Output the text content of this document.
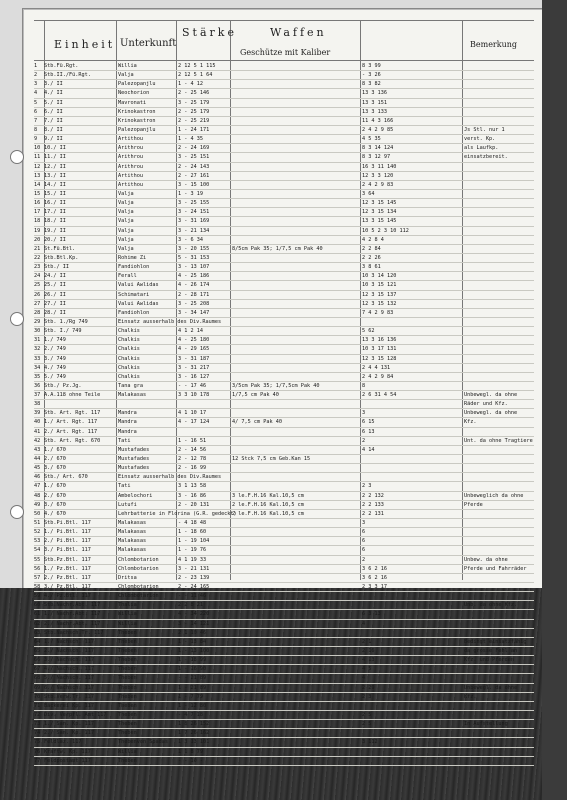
Einheit Unterkunft
Stärke	Waffen
Geschütze mit Kaliber
Bemerkung
1	Stb.Fü.Rgt.	Willia	2 12 5 1 115	8 3 99
2	Stb.II./Fü.Rgt.	Valja	2 12 5 1 64	- 3 26
3	3./ II	Palezopanjlu	1 - 4 12	8 3 82
4	4./ II	Neochorion	2 - 25 146	13 3 136
5	5./ II	Mavronati	3 - 25 179	13 3 151
6	6./ II	Krinokastron	2 - 25 179	13 3 133
7	7./ II	Krinokastron	2 - 25 219	11 4 3 166
8	8./ II	Palezopanjlu	1 - 24 171	2 4 2 9 85	Js Stl. nur 1
9	9./ II	Artithou	1 - 4 35	4 5 35	verst. Kp.
10 10./ II	Arithrou	2 - 24 169	8 3 14 124	als Laufkp.
11 11./ II	Arithrou	3 - 25 151	8 3 12 97	einsatzbereit.
12 12./ II	Arithrou	2 - 24 143	16 3 11 140
13 13./ II	Artithou	2 - 27 161	12 3 3 120
14 14./ II	Artithou	3 - 15 100	2 4 2 9 83
15 15./ II	Valja	1 - 3 19	3 64
16 16./ II	Valja	3 - 25 155	12 3 15 145
17 17./ II	Valja	3 - 24 151	12 3 15 134
18 18./ II	Valja	3 - 31 169	13 3 15 145
19 19./ II	Valja	3 - 21 134	10 5 2 3 10 112
20 20./ II	Valja	3 - 6 34	4 2 8 4
21 St.Fü.Btl.	Valja	3 - 20 155	8/5cm Pak 35; 1/7,5 cm Pak 40	2 2 84
22 Stb.Btl.Kp.	Rohime Zi	5 - 31 153	2 2 26
23 Stb./ II	Fandiohlon	3 - 13 107	3 8 61
24 24./ II	Ferall	4 - 25 186	10 3 14 120
25 25./ II	Valui Awlidas	4 - 26 174	10 3 15 121
26 26./ II	Schimatari	2 - 28 171	12 3 15 137
27 27./ II	Valui Awlidas	3 - 25 208	12 3 15 132
28 28./ II	Fandiohlon	3 - 34 147	7 4 2 9 83
29 Stb. 1./Rg 749	Einsatz ausserhalb des Div.Raumes
30 Stb. I./ 749	Chalkis	4 1 2 14	5 62
31 1./ 749	Chalkis	4 - 25 180	13 3 16 136
32 2./ 749	Chalkis	4 - 29 165	10 3 17 131
33 3./ 749	Chalkis	3 - 31 187	12 3 15 128
34 4./ 749	Chalkis	3 - 31 217	2 4 4 131
35 5./ 749	Chalkis	3 - 16 127	2 4 2 9 84
36 Stb./ Pz.Jg.	Tana gra	- - 17 46	3/5cm Pak 35; 1/7,5cm Pak 40	8
37 A.A.118 ohne Teile	Malakasas	3 3 10 178	1/7,5 cm Pak 40	2 6 31 4 54	Unbewegl. da ohne
38	Räder und Kfz.
39 Stb. Art. Rgt. 117	Mandra	4 1 10 17	3	Unbewegl. da ohne
40 1./ Art. Rgt. 117	Mandra	4 - 17 124	4/ 7,5 cm Pak 40	6 15	Kfz.
41 2./ Art. Rgt. 117	Mandra	6 13
42 Stb. Art. Rgt. 670	Tati	1 - 16 51	2	Unt. da ohne Tragtiere
43 1./ 670	Mustafades	2 - 14 56	4 14
44 2./ 670	Mustafades	2 - 12 78	12 Stck 7,5 cm Geb.Kan 15
45 3./ 670	Mustafades	2 - 16 99
46 Stb./ Art. 670	Einsatz ausserhalb des Div.Raumes
47 1./ 670	Tati	3 1 13 58	2 3
48 2./ 670	Ambelochori	3 - 16 86	3 le.F.H.16 Kal.10,5 cm	2 2 132	Unbeweglich da ohne
49 3./ 670	Lutufi	2 - 20 131	2 le.F.H.16 Kal.10,5 cm	2 2 133	Pferde
50 4./ 670	Lehrbatterie in Florina (G.R. gedeckt)
2 le.F.H.16 Kal.10,5 cm	2 2 131
51 Stb.Pi.Btl. 117	Malakasas	- 4 18 48	3
52 1./ Pi.Btl. 117	Malakasas	1 - 18 60	6
53 2./ Pi.Btl. 117	Malakasas	1 - 19 104	6
54 3./ Pi.Btl. 117	Malakasas	1 - 19 76	6
55 Stb.Pz.Btl. 117	Chlombotarion	4 1 19 33	2	Unbew. da ohne
56 1./ Pz.Btl. 117	Chlombotarion	3 - 21 131	3 6 2 16	Pferde und Fahrräder
57 2./ Pz.Btl. 117	Dritsa	2 - 23 139	3 6 2 16
58 3./ Pz.Btl. 117	Chlombotarion	2 - 24 165	2 3 3 17
59 4./ Pz.Btl. 117	Chlombotarion	- - 11 46
60 Stb.Nachr.Abt. 117	Thalia	2 2 8 21	Unb. da ohne Kfz.
61 1./ Nachr.Abt. 117	Willia	4 - 34 220	6 3 13
62 2./ Nachr.Abt. 117	Willia	3 - 14 121	4
63 Stb.Nachsch.Tr. 117	Theben	2 1 10 46
64 1./ Nachsch. 117	Theben	1 - 13 84	2 1	Bedingt einsatzfähig
65 2./ Nachsch. 117	Theben	1 - 13 100	2 16	da grosse Fehl an
66 3./ Nachsch. 117	Theben	1 - 18 99	4 13	Kfz. und Pferden
67 4./ Nachsch. 117	Theben	1 - 16 90	4 5
68 5./ Nachsch. 117	Theben	- - 21 89	4
69 6./ Nachsch. 117	Theben	1 - 21 89	2 29	Unbewegl. da ohne
70 Stb.Verw.Tr. 117	Theben	1 - 7 79	2 3	Kfz.
71 Bäckerei Kp. 117	Theben	1 - 12 80
72 Div. Verpfl. Amt 117	Theben	- 4 7 18	2 5
73 1./ San. Kp. 117	Theben	1 8 26 152	2 5	In Aufstellung
74 2./ San. Kp. 117	Theben	1 7 26 162
75 Feldlaz. 117	Thebenvon Spadas	1 3 13 101	3 112
76 Kraftw. Kp. 117	Willia	1 1 8 79
77 Feldpostamt 117	Theben	- - 10 -
